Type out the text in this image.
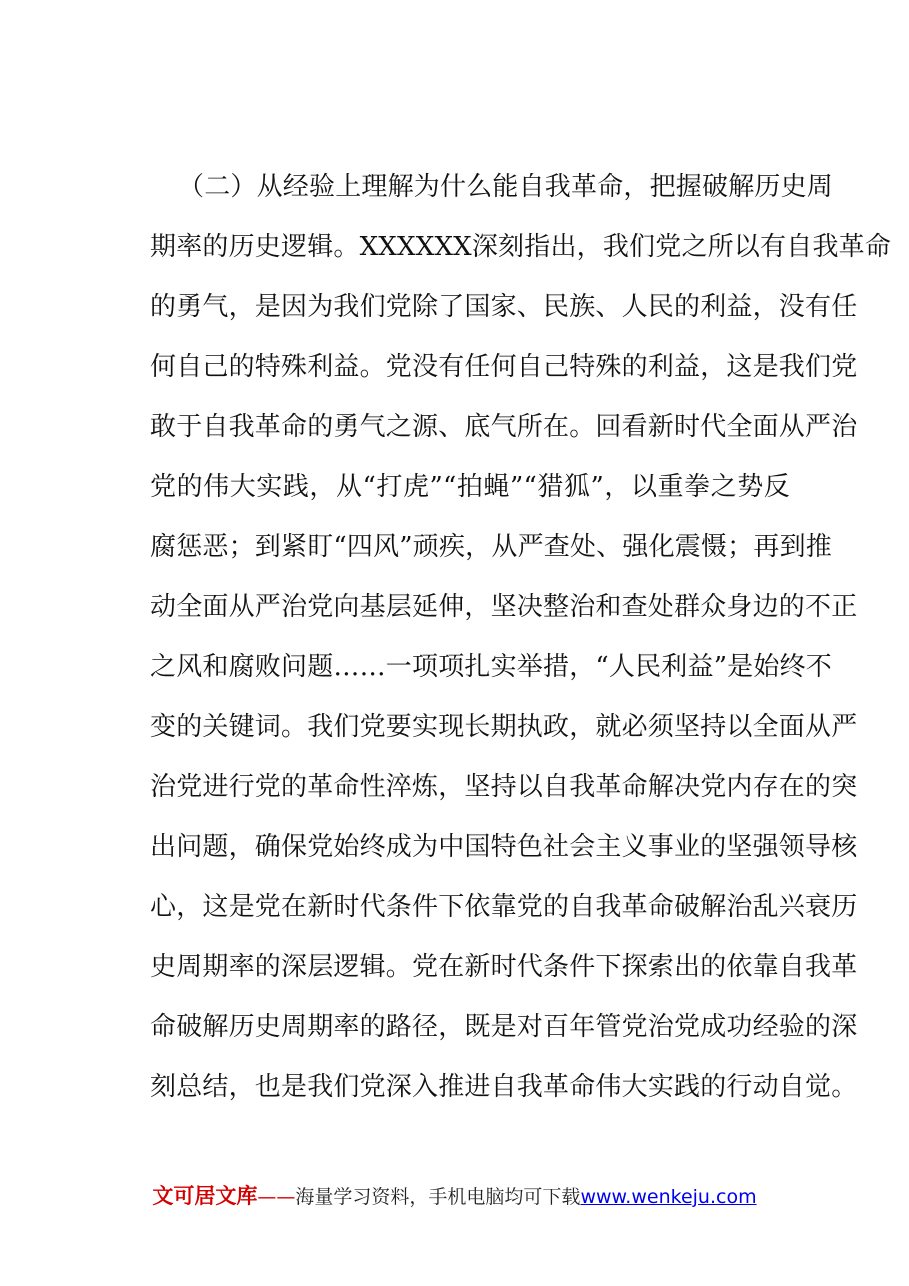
（二）从经验上理解为什么能自我革命，把握破解历史周
期率的历史逻辑。XXXXXX深刻指出，我们党之所以有自我革命
的勇气，是因为我们党除了国家、民族、人民的利益，没有任
何自己的特殊利益。党没有任何自己特殊的利益，这是我们党
敢于自我革命的勇气之源、底气所在。回看新时代全面从严治
党的伟大实践，从“打虎”“拍蝇”“猎狐”，以重拳之势反
腐惩恶；到紧盯“四风”顽疾，从严查处、强化震慑；再到推
动全面从严治党向基层延伸，坚决整治和查处群众身边的不正
之风和腐败问题……一项项扎实举措，“人民利益”是始终不
变的关键词。我们党要实现长期执政，就必须坚持以全面从严
治党进行党的革命性淬炼，坚持以自我革命解决党内存在的突
出问题，确保党始终成为中国特色社会主义事业的坚强领导核
心，这是党在新时代条件下依靠党的自我革命破解治乱兴衰历
史周期率的深层逻辑。党在新时代条件下探索出的依靠自我革
命破解历史周期率的路径，既是对百年管党治党成功经验的深
刻总结，也是我们党深入推进自我革命伟大实践的行动自觉。
文可居文库——海量学习资料，手机电脑均可下载www.wenkeju.com
